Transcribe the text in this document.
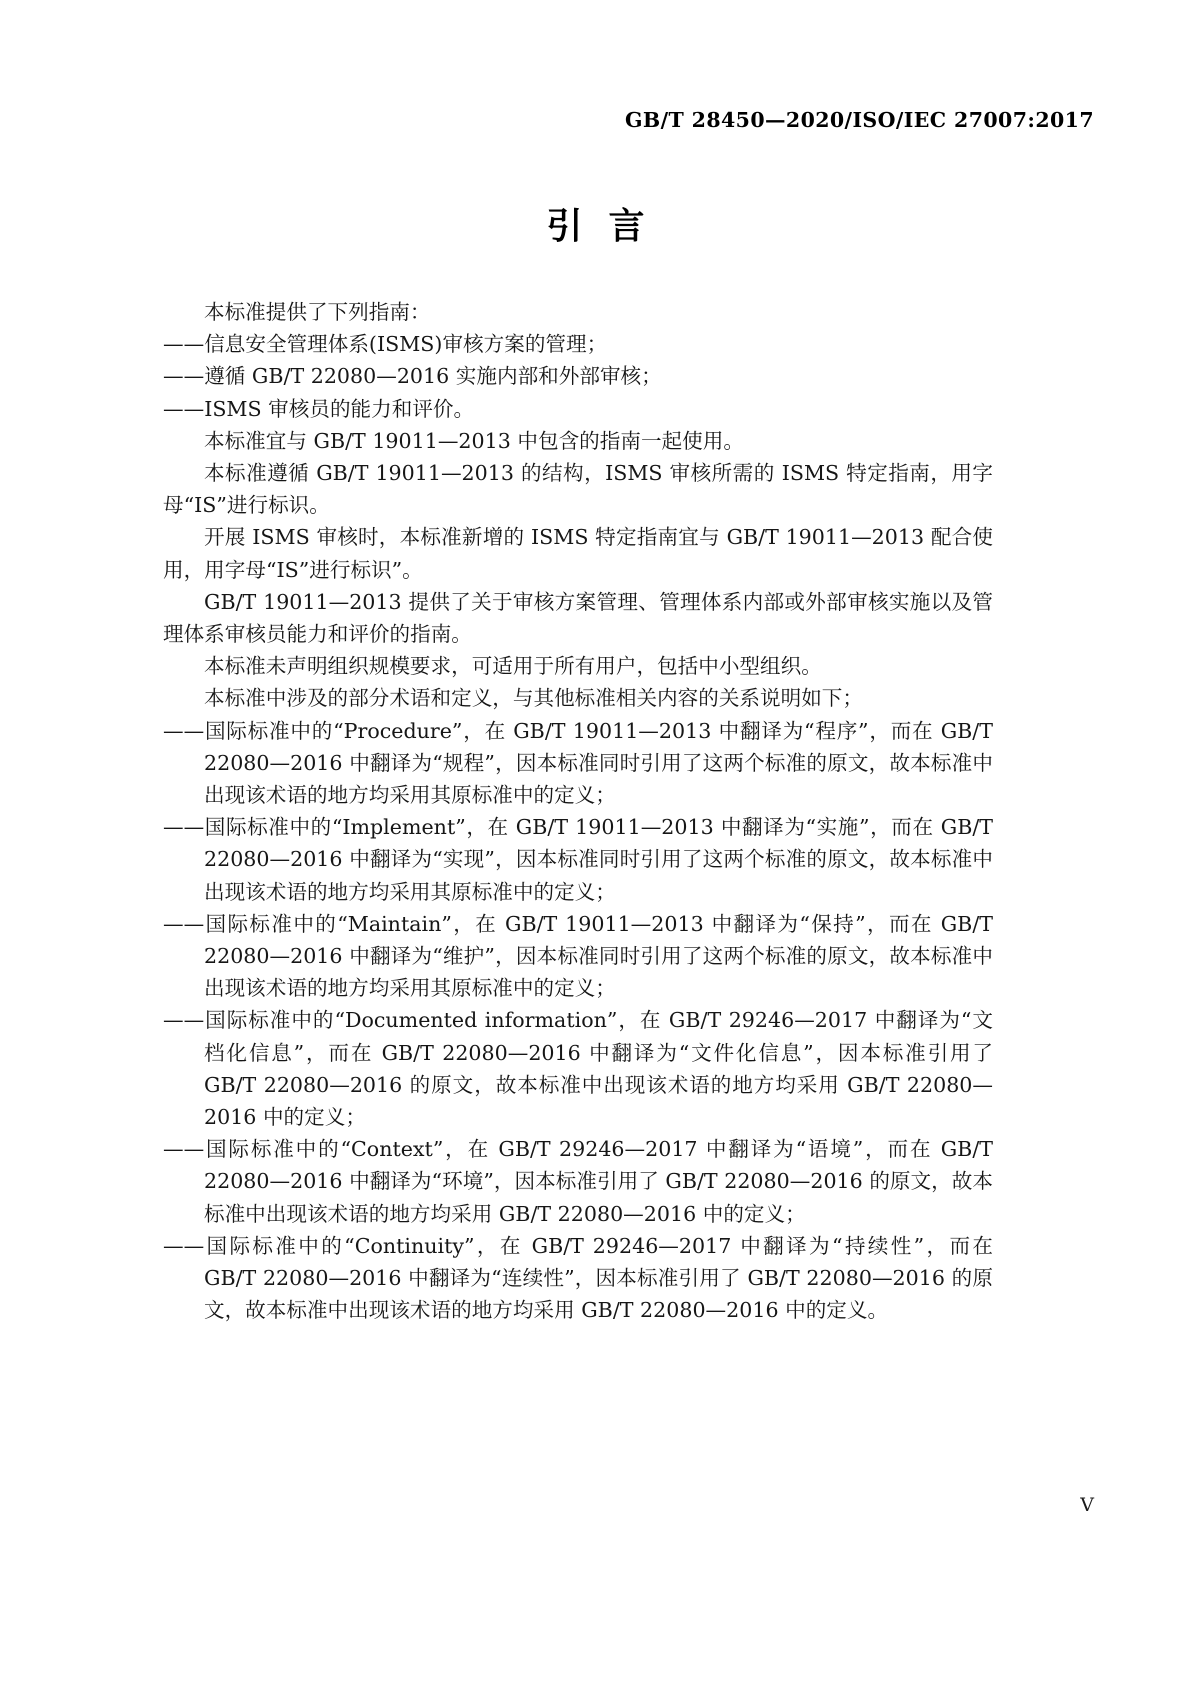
GB/T 28450—2020/ISO/IEC 27007:2017
引言

本标准提供了下列指南：

——信息安全管理体系(ISMS)审核方案的管理；

——遵循 GB/T 22080—2016 实施内部和外部审核；

——ISMS 审核员的能力和评价。

本标准宜与 GB/T 19011—2013 中包含的指南一起使用。

本标准遵循 GB/T 19011—2013 的结构，ISMS 审核所需的 ISMS 特定指南，用字母“IS”进行标识。

开展 ISMS 审核时，本标准新增的 ISMS 特定指南宜与 GB/T 19011—2013 配合使用，用字母“IS”进行标识”。

GB/T 19011—2013 提供了关于审核方案管理、管理体系内部或外部审核实施以及管理体系审核员能力和评价的指南。

本标准未声明组织规模要求，可适用于所有用户，包括中小型组织。

本标准中涉及的部分术语和定义，与其他标准相关内容的关系说明如下；

——国际标准中的“Procedure”，在 GB/T 19011—2013 中翻译为“程序”，而在 GB/T 22080—2016 中翻译为“规程”，因本标准同时引用了这两个标准的原文，故本标准中出现该术语的地方均采用其原标准中的定义；

——国际标准中的“Implement”，在 GB/T 19011—2013 中翻译为“实施”，而在 GB/T 22080—2016 中翻译为“实现”，因本标准同时引用了这两个标准的原文，故本标准中出现该术语的地方均采用其原标准中的定义；

——国际标准中的“Maintain”，在 GB/T 19011—2013 中翻译为“保持”，而在 GB/T 22080—2016 中翻译为“维护”，因本标准同时引用了这两个标准的原文，故本标准中出现该术语的地方均采用其原标准中的定义；

——国际标准中的“Documented information”，在 GB/T 29246—2017 中翻译为“文档化信息”，而在 GB/T 22080—2016 中翻译为“文件化信息”，因本标准引用了 GB/T 22080—2016 的原文，故本标准中出现该术语的地方均采用 GB/T 22080—2016 中的定义；

——国际标准中的“Context”，在 GB/T 29246—2017 中翻译为“语境”，而在 GB/T 22080—2016 中翻译为“环境”，因本标准引用了 GB/T 22080—2016 的原文，故本标准中出现该术语的地方均采用 GB/T 22080—2016 中的定义；

——国际标准中的“Continuity”，在 GB/T 29246—2017 中翻译为“持续性”，而在 GB/T 22080—2016 中翻译为“连续性”，因本标准引用了 GB/T 22080—2016 的原文，故本标准中出现该术语的地方均采用 GB/T 22080—2016 中的定义。

V
